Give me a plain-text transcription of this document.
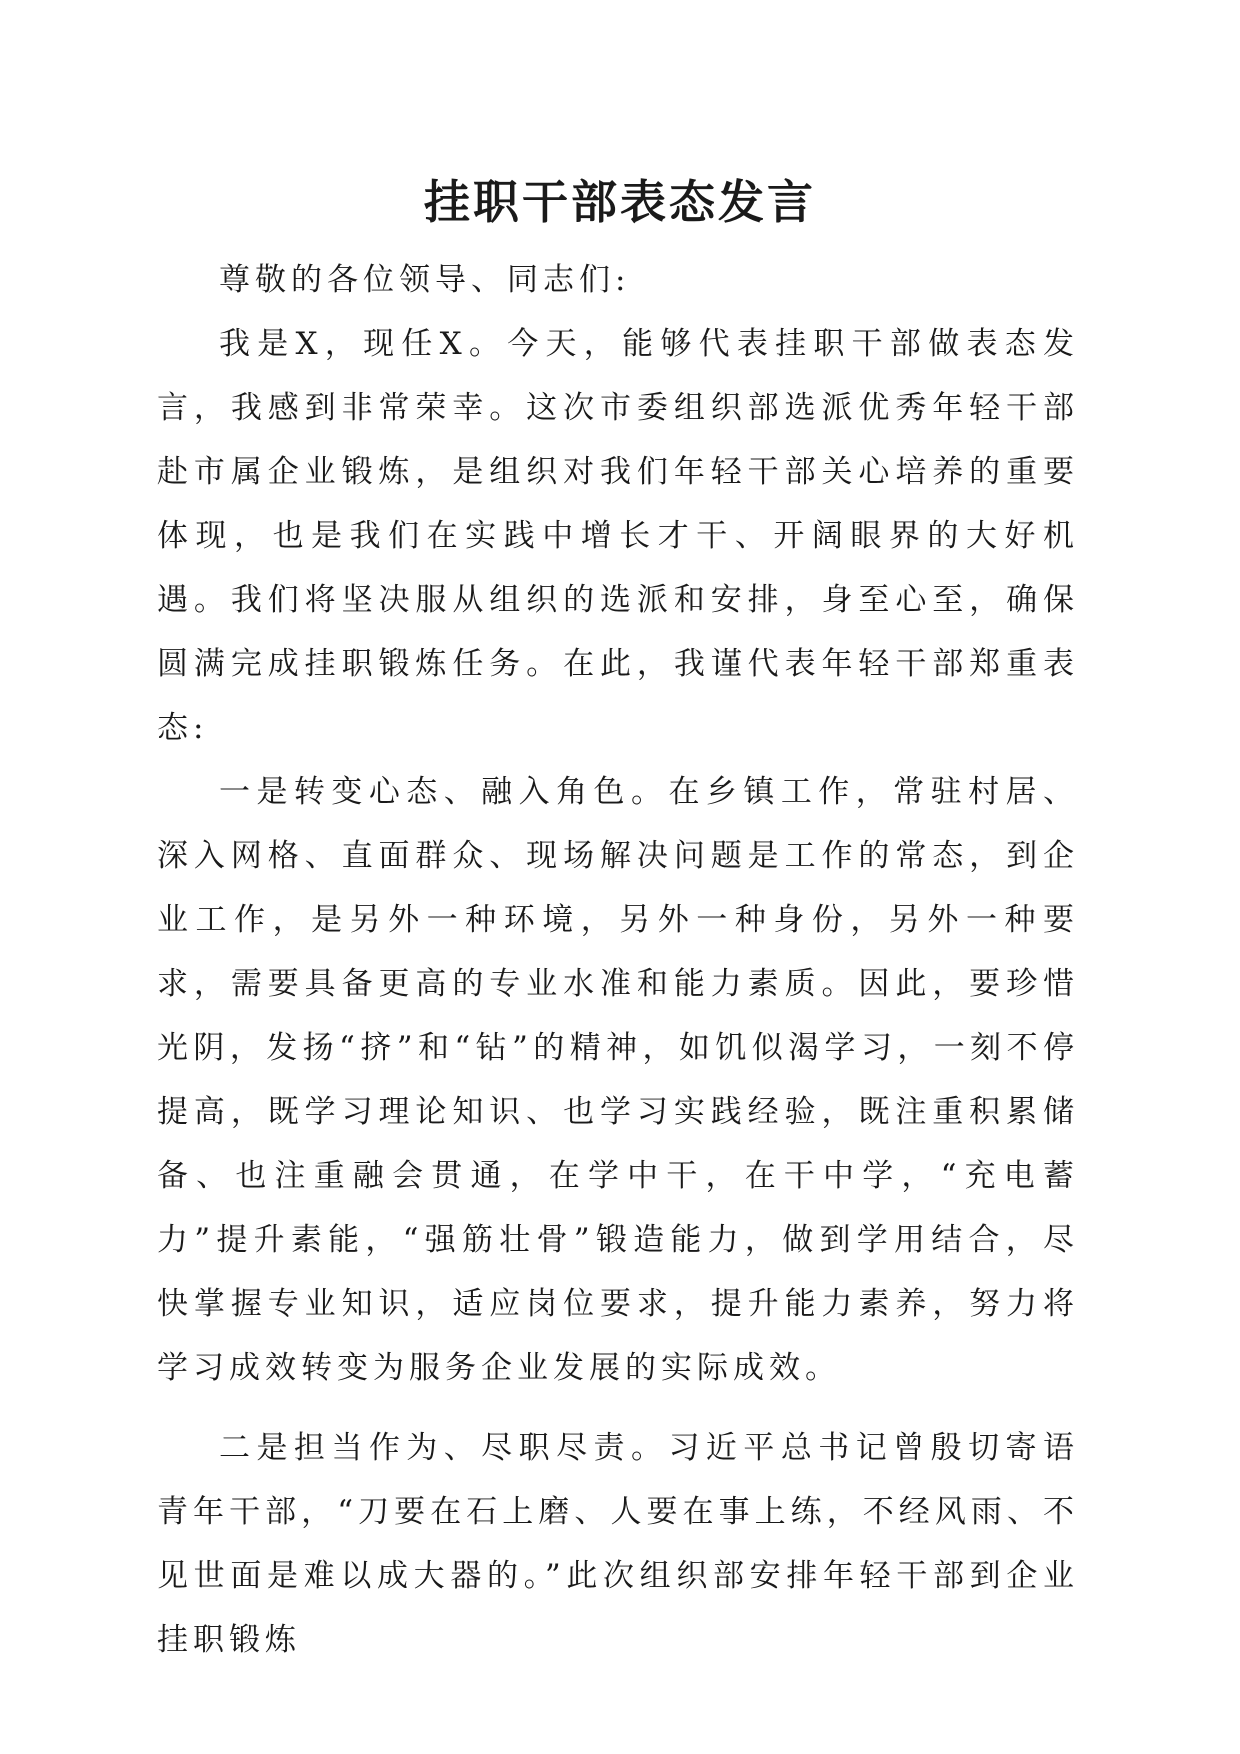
挂职干部表态发言

尊敬的各位领导、同志们:

我是X，现任X。今天，能够代表挂职干部做表态发言，我感到非常荣幸。这次市委组织部选派优秀年轻干部赴市属企业锻炼，是组织对我们年轻干部关心培养的重要体现，也是我们在实践中增长才干、开阔眼界的大好机遇。我们将坚决服从组织的选派和安排，身至心至，确保圆满完成挂职锻炼任务。在此，我谨代表年轻干部郑重表态:

一是转变心态、融入角色。在乡镇工作，常驻村居、深入网格、直面群众、现场解决问题是工作的常态，到企业工作，是另外一种环境，另外一种身份，另外一种要求，需要具备更高的专业水准和能力素质。因此，要珍惜光阴，发扬“挤”和“钻”的精神，如饥似渴学习，一刻不停提高，既学习理论知识、也学习实践经验，既注重积累储备、也注重融会贯通，在学中干，在干中学，“充电蓄力”提升素能，“强筋壮骨”锻造能力，做到学用结合，尽快掌握专业知识，适应岗位要求，提升能力素养，努力将学习成效转变为服务企业发展的实际成效。

二是担当作为、尽职尽责。习近平总书记曾殷切寄语青年干部，“刀要在石上磨、人要在事上练，不经风雨、不见世面是难以成大器的。”此次组织部安排年轻干部到企业挂职锻炼
